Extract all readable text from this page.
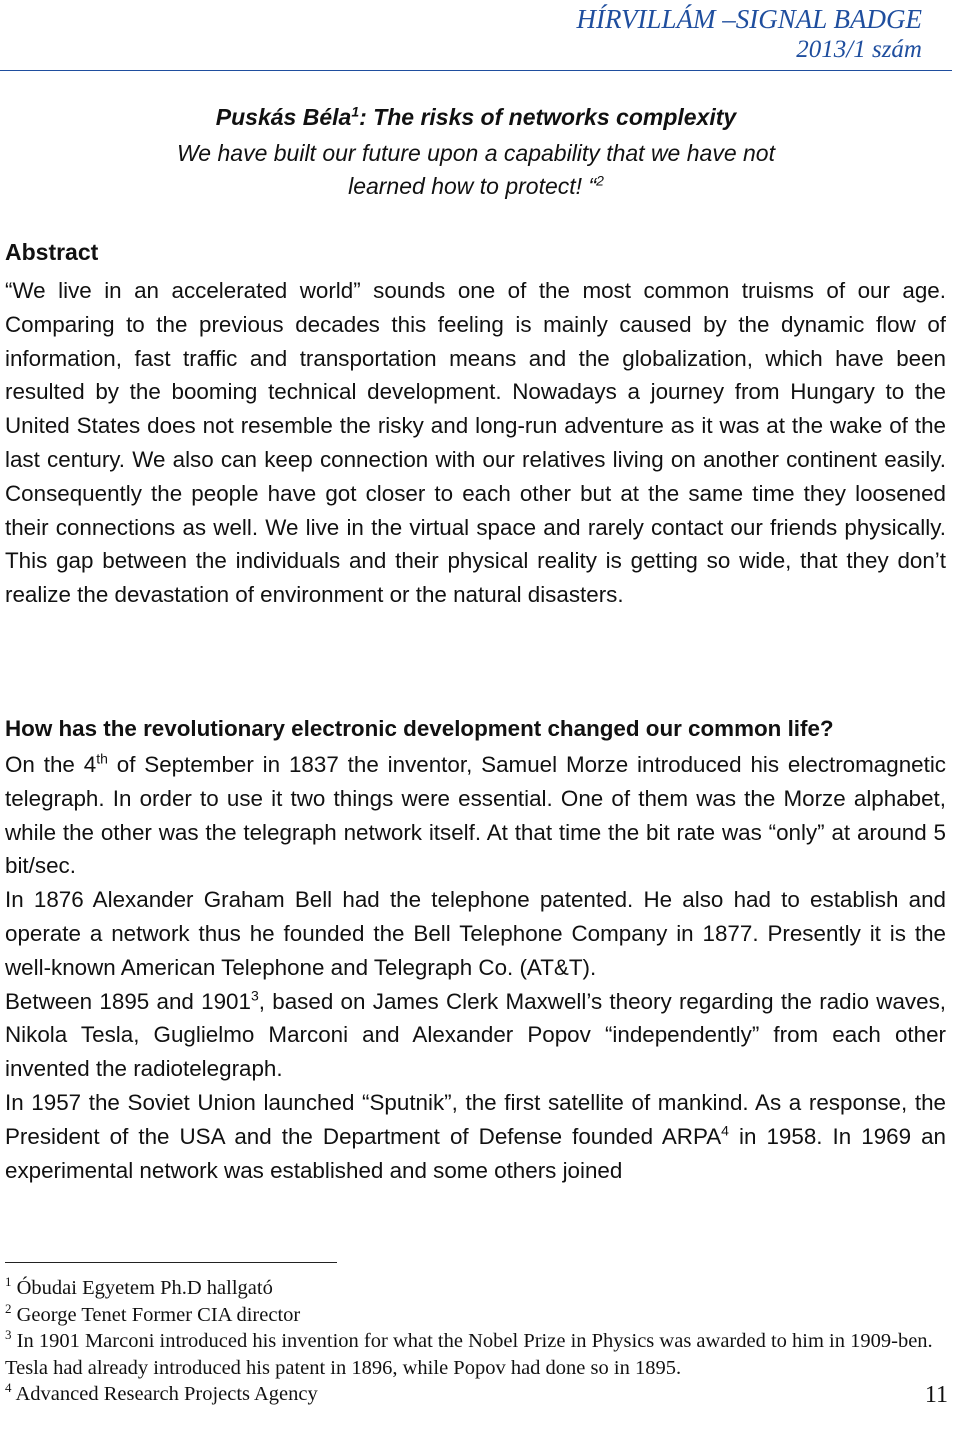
HÍRVILLÁM –SIGNAL BADGE
2013/1 szám
Puskás Béla$^1$: The risks of networks complexity
We have built our future upon a capability that we have not
learned how to protect! “$^2$
Abstract

“We live in an accelerated world” sounds one of the most common truisms of our age. Comparing to the previous decades this feeling is mainly caused by the dynamic flow of information, fast traffic and transportation means and the globalization, which have been resulted by the booming technical development. Nowadays a journey from Hungary to the United States does not resemble the risky and long-run adventure as it was at the wake of the last century. We also can keep connection with our relatives living on another continent easily. Consequently the people have got closer to each other but at the same time they loosened their connections as well. We live in the virtual space and rarely contact our friends physically. This gap between the individuals and their physical reality is getting so wide, that they don’t realize the devastation of environment or the natural disasters.

How has the revolutionary electronic development changed our common life?

On the 4th of September in 1837 the inventor, Samuel Morze introduced his electromagnetic telegraph. In order to use it two things were essential. One of them was the Morze alphabet, while the other was the telegraph network itself. At that time the bit rate was “only” at around 5 bit/sec.

In 1876 Alexander Graham Bell had the telephone patented. He also had to establish and operate a network thus he founded the Bell Telephone Company in 1877. Presently it is the well-known American Telephone and Telegraph Co. (AT&T).

Between 1895 and 1901$^3$, based on James Clerk Maxwell’s theory regarding the radio waves, Nikola Tesla, Guglielmo Marconi and Alexander Popov “independently” from each other invented the radiotelegraph.

In 1957 the Soviet Union launched “Sputnik”, the first satellite of mankind. As a response, the President of the USA and the Department of Defense founded ARPA$^4$ in 1958. In 1969 an experimental network was established and some others joined

$^1$ Óbudai Egyetem Ph.D hallgató

$^2$ George Tenet Former CIA director

$^3$ In 1901 Marconi introduced his invention for what the Nobel Prize in Physics was awarded to him in 1909-ben. Tesla had already introduced his patent in 1896, while Popov had done so in 1895.

$^4$ Advanced Research Projects Agency	11
